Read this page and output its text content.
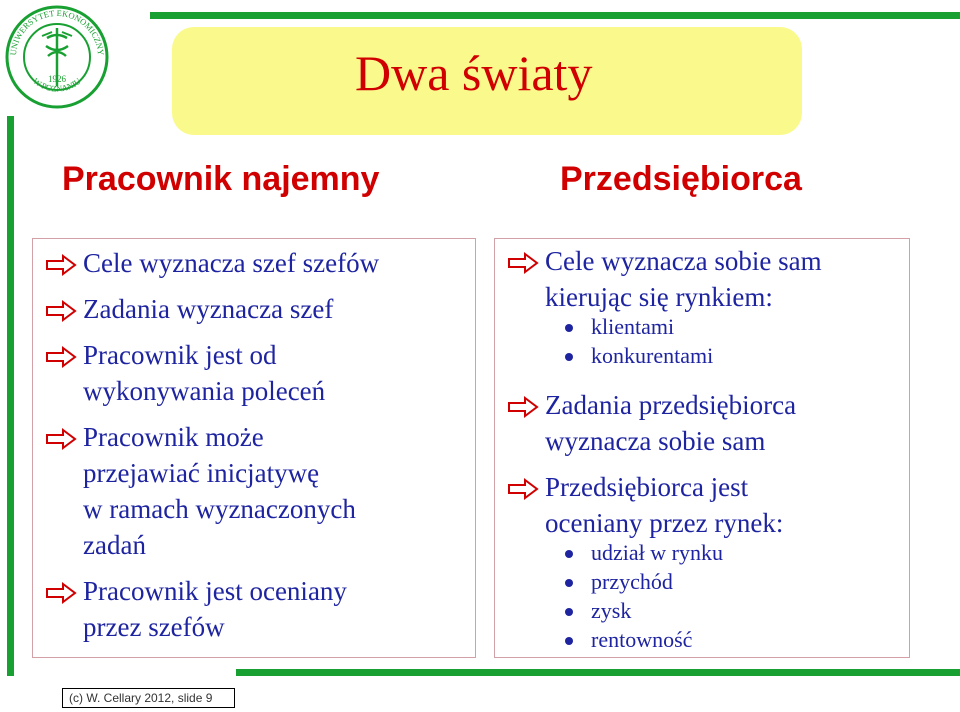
UNIWERSYTET EKONOMICZNY
W POZNANIU
1926	Dwa światy
Pracownik najemny	Przedsiębiorca
Cele wyznacza szef szefów
Zadania wyznacza szef
Pracownik jest od
wykonywania poleceń
Pracownik może
przejawiać inicjatywę
w ramach wyznaczonych
zadań
Pracownik jest oceniany
przez szefów
Cele wyznacza sobie sam
kierując się rynkiem:
klientami
konkurentami
Zadania przedsiębiorca
wyznacza sobie sam
Przedsiębiorca jest
oceniany przez rynek:
udział w rynku
przychód
zysk
rentowność
(c) W. Cellary 2012, slide 9
